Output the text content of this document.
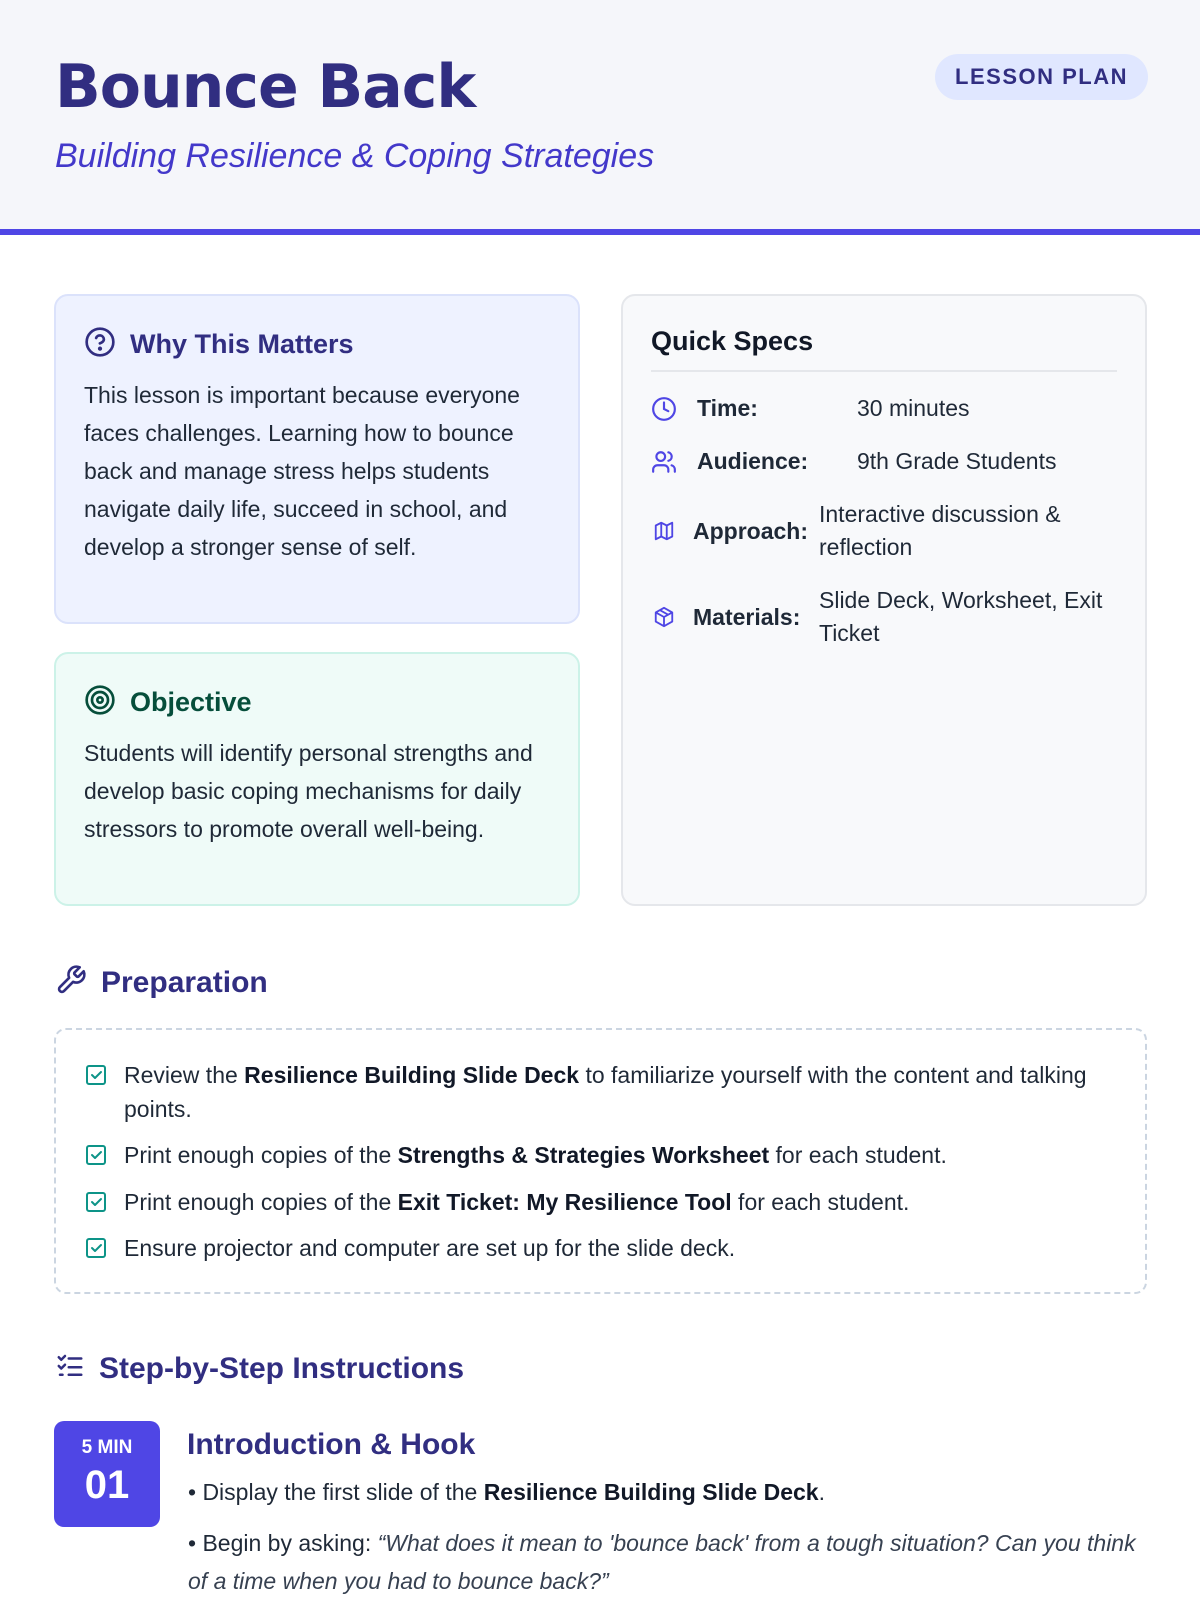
Bounce Back
Building Resilience & Coping Strategies
LESSON PLAN
Why This Matters
This lesson is important because everyone faces challenges. Learning how to bounce back and manage stress helps students navigate daily life, succeed in school, and develop a stronger sense of self.
Objective
Students will identify personal strengths and develop basic coping mechanisms for daily stressors to promote overall well-being.
Quick Specs
Time:	30 minutes
Audience:	9th Grade Students
Approach:
Interactive discussion & reflection
Materials:
Slide Deck, Worksheet, Exit Ticket
Preparation
Review the Resilience Building Slide Deck to familiarize yourself with the content and talking points.
Print enough copies of the Strengths & Strategies Worksheet for each student.
Print enough copies of the Exit Ticket: My Resilience Tool for each student.
Ensure projector and computer are set up for the slide deck.
Step-by-Step Instructions
5 MIN
01
Introduction & Hook
• Display the first slide of the Resilience Building Slide Deck.
• Begin by asking: “What does it mean to 'bounce back' from a tough situation? Can you think of a time when you had to bounce back?”
